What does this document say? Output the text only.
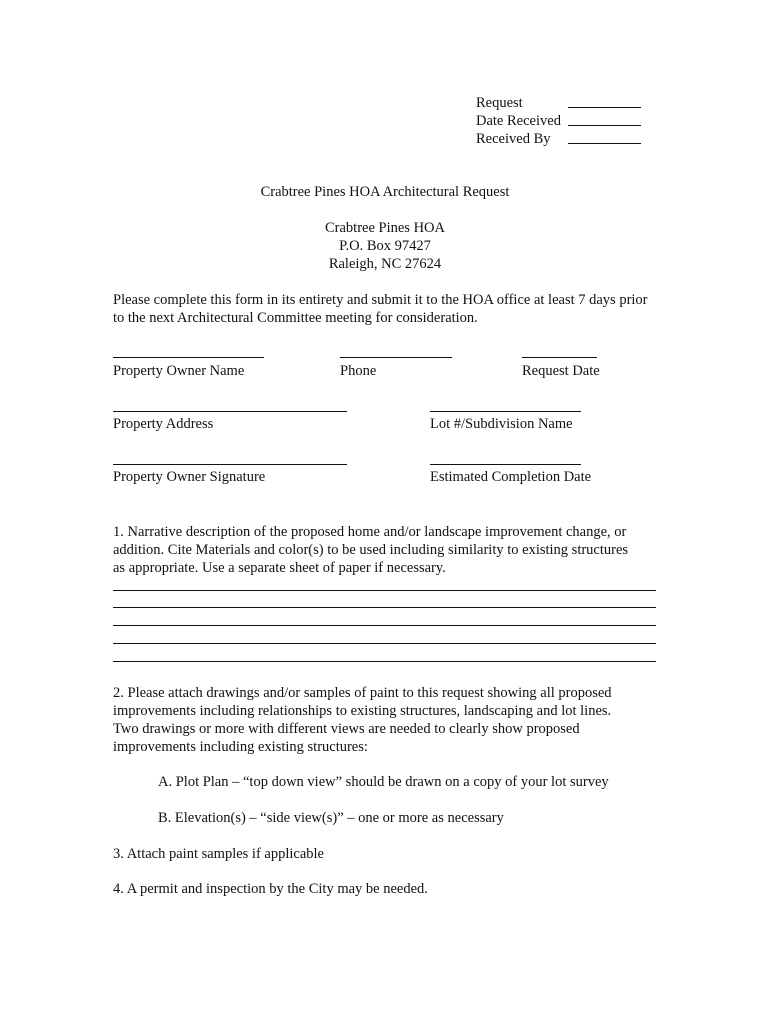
Request
Date Received
Received By
Crabtree Pines HOA Architectural Request
Crabtree Pines HOA
P.O. Box 97427
Raleigh, NC 27624
Please complete this form in its entirety and submit it to the HOA office at least 7 days prior to the next Architectural Committee meeting for consideration.
Property Owner Name	Phone	Request Date
Property Address	Lot #/Subdivision Name
Property Owner Signature	Estimated Completion Date
1. Narrative description of the proposed home and/or landscape improvement change, or
addition. Cite Materials and color(s) to be used including similarity to existing structures
as appropriate. Use a separate sheet of paper if necessary.
2. Please attach drawings and/or samples of paint to this request showing all proposed
improvements including relationships to existing structures, landscaping and lot lines.
Two drawings or more with different views are needed to clearly show proposed
improvements including existing structures:
A. Plot Plan – “top down view” should be drawn on a copy of your lot survey
B. Elevation(s) – “side view(s)” – one or more as necessary
3. Attach paint samples if applicable
4. A permit and inspection by the City may be needed.
